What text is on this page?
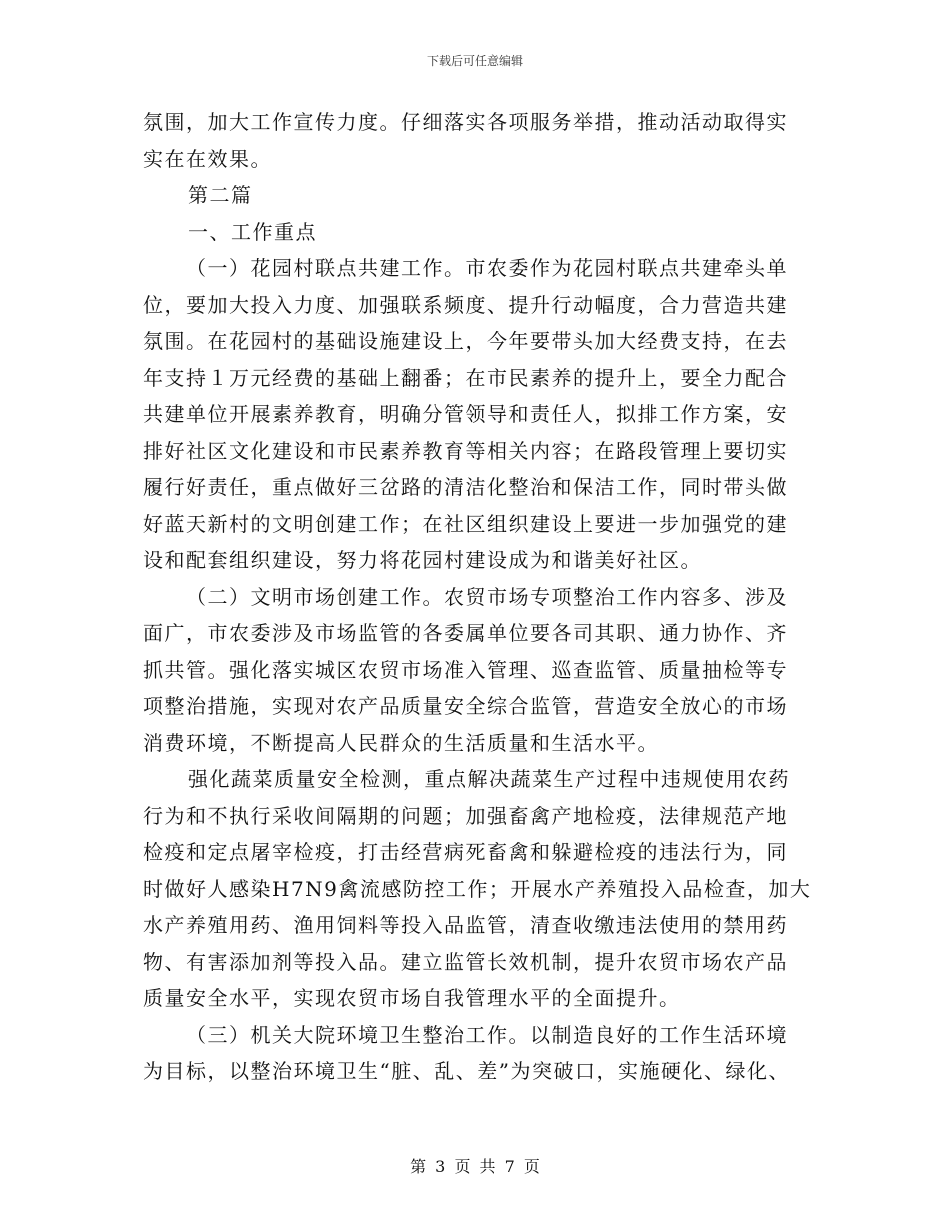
下载后可任意编辑
氛围，加大工作宣传力度。仔细落实各项服务举措，推动活动取得实
实在在效果。
第二篇
一、工作重点
（一）花园村联点共建工作。市农委作为花园村联点共建牵头单
位，要加大投入力度、加强联系频度、提升行动幅度，合力营造共建
氛围。在花园村的基础设施建设上，今年要带头加大经费支持，在去
年支持１万元经费的基础上翻番；在市民素养的提升上，要全力配合
共建单位开展素养教育，明确分管领导和责任人，拟排工作方案，安
排好社区文化建设和市民素养教育等相关内容；在路段管理上要切实
履行好责任，重点做好三岔路的清洁化整治和保洁工作，同时带头做
好蓝天新村的文明创建工作；在社区组织建设上要进一步加强党的建
设和配套组织建设，努力将花园村建设成为和谐美好社区。
（二）文明市场创建工作。农贸市场专项整治工作内容多、涉及
面广，市农委涉及市场监管的各委属单位要各司其职、通力协作、齐
抓共管。强化落实城区农贸市场准入管理、巡查监管、质量抽检等专
项整治措施，实现对农产品质量安全综合监管，营造安全放心的市场
消费环境，不断提高人民群众的生活质量和生活水平。
强化蔬菜质量安全检测，重点解决蔬菜生产过程中违规使用农药
行为和不执行采收间隔期的问题；加强畜禽产地检疫，法律规范产地
检疫和定点屠宰检疫，打击经营病死畜禽和躲避检疫的违法行为，同
时做好人感染H7N9禽流感防控工作；开展水产养殖投入品检查，加大
水产养殖用药、渔用饲料等投入品监管，清查收缴违法使用的禁用药
物、有害添加剂等投入品。建立监管长效机制，提升农贸市场农产品
质量安全水平，实现农贸市场自我管理水平的全面提升。
（三）机关大院环境卫生整治工作。以制造良好的工作生活环境
为目标，以整治环境卫生“脏、乱、差”为突破口，实施硬化、绿化、
第 3 页 共 7 页
